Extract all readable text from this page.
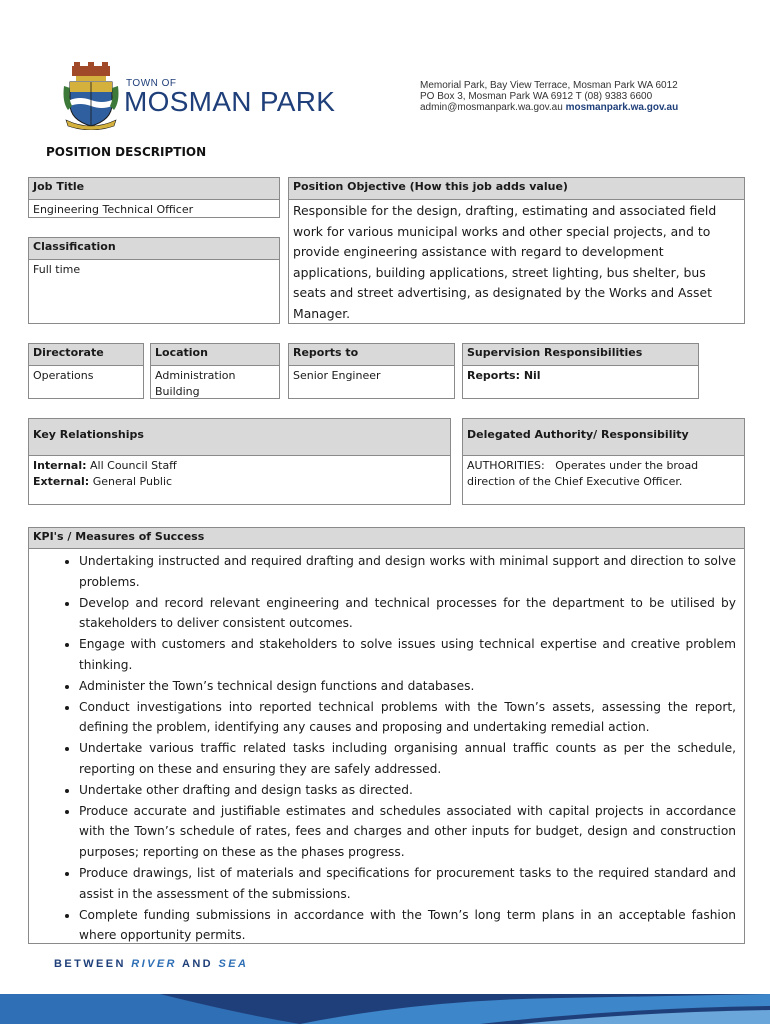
TOWN OF
MOSMAN PARK
Memorial Park, Bay View Terrace, Mosman Park WA 6012
PO Box 3, Mosman Park WA 6912 T (08) 9383 6600
admin@mosmanpark.wa.gov.au mosmanpark.wa.gov.au
POSITION DESCRIPTION
Job Title
Engineering Technical Officer
Classification
Full time
Position Objective (How this job adds value)
Responsible for the design, drafting, estimating and associated field work for various municipal works and other special projects, and to provide engineering assistance with regard to development applications, building applications, street lighting, bus shelter, bus seats and street advertising, as designated by the Works and Asset Manager.
Directorate
Operations
Location
Administration Building
Reports to
Senior Engineer
Supervision Responsibilities
Reports: Nil
Key Relationships
Internal: All Council Staff
External: General Public
Delegated Authority/ Responsibility
AUTHORITIES:   Operates under the broad direction of the Chief Executive Officer.
KPI's / Measures of Success
• Undertaking instructed and required drafting and design works with minimal support and direction to solve problems.
• Develop and record relevant engineering and technical processes for the department to be utilised by stakeholders to deliver consistent outcomes.
• Engage with customers and stakeholders to solve issues using technical expertise and creative problem thinking.
• Administer the Town’s technical design functions and databases.
• Conduct investigations into reported technical problems with the Town’s assets, assessing the report, defining the problem, identifying any causes and proposing and undertaking remedial action.
• Undertake various traffic related tasks including organising annual traffic counts as per the schedule, reporting on these and ensuring they are safely addressed.
• Undertake other drafting and design tasks as directed.
• Produce accurate and justifiable estimates and schedules associated with capital projects in accordance with the Town’s schedule of rates, fees and charges and other inputs for budget, design and construction purposes; reporting on these as the phases progress.
• Produce drawings, list of materials and specifications for procurement tasks to the required standard and assist in the assessment of the submissions.
• Complete funding submissions in accordance with the Town’s long term plans in an acceptable fashion where opportunity permits.
BETWEEN RIVER AND SEA
